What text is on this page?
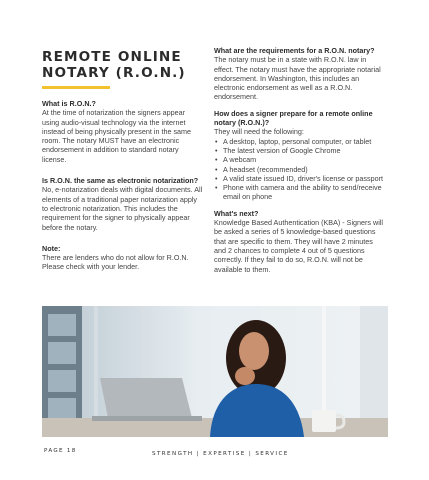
REMOTE ONLINE NOTARY (R.O.N.)

What is R.O.N.?

At the time of notarization the signers appear using audio-visual technology via the internet instead of being physically present in the same room. The notary MUST have an electronic endorsement in addition to standard notary license.

Is R.O.N. the same as electronic notarization?

No, e-notarization deals with digital documents. All elements of a traditional paper notarization apply to electronic notarization. This includes the requirement for the signer to physically appear before the notary.

Note:

There are lenders who do not allow for R.O.N. Please check with your lender.

What are the requirements for a R.O.N. notary?

The notary must be in a state with R.O.N. law in effect. The notary must have the appropriate notarial endorsement. In Washington, this includes an electronic endorsement as well as a R.O.N. endorsement.

How does a signer prepare for a remote online notary (R.O.N.)?

They will need the following:

• A desktop, laptop, personal computer, or tablet
• The latest version of Google Chrome
• A webcam
• A headset (recommended)
• A valid state issued ID, driver's license or passport
• Phone with camera and the ability to send/receive email on phone

What's next?

Knowledge Based Authentication (KBA) - Signers will be asked a series of 5 knowledge-based questions that are specific to them. They will have 2 minutes and 2 chances to complete 4 out of 5 questions correctly. If they fail to do so, R.O.N. will not be available to them.

PAGE 18	STRENGTH | EXPERTISE | SERVICE
